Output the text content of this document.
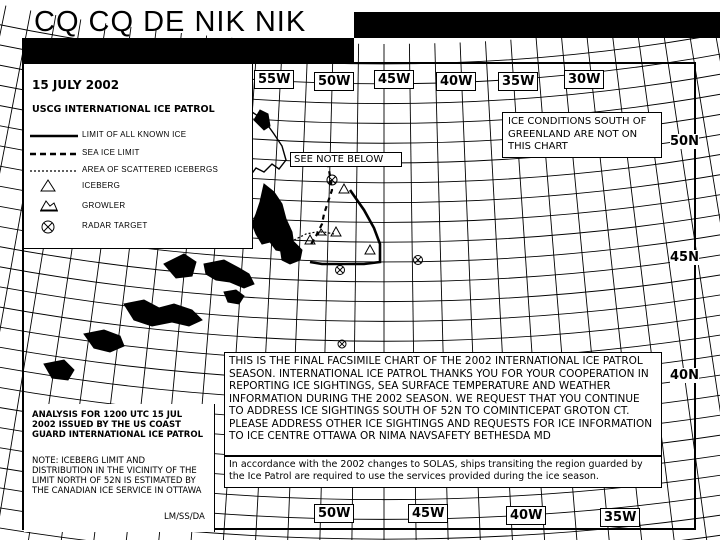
CQ CQ DE NIK NIK
55W	50W	45W	40W	35W	30W
50N
45N
40N
50W	45W	40W	35W
15 JULY 2002
USCG INTERNATIONAL ICE PATROL
LIMIT OF ALL KNOWN ICE
SEA ICE LIMIT
AREA OF SCATTERED ICEBERGS
ICEBERG
GROWLER
RADAR TARGET
ICE CONDITIONS SOUTH OF GREENLAND ARE NOT ON THIS CHART
SEE NOTE BELOW
THIS IS THE FINAL FACSIMILE CHART OF THE 2002 INTERNATIONAL ICE PATROL SEASON. INTERNATIONAL ICE PATROL THANKS YOU FOR YOUR COOPERATION IN REPORTING ICE SIGHTINGS, SEA SURFACE TEMPERATURE AND WEATHER INFORMATION DURING THE 2002 SEASON. WE REQUEST THAT YOU CONTINUE TO ADDRESS ICE SIGHTINGS SOUTH OF 52N TO COMINTICEPAT GROTON CT. PLEASE ADDRESS OTHER ICE SIGHTINGS AND REQUESTS FOR ICE INFORMATION TO ICE CENTRE OTTAWA OR NIMA NAVSAFETY BETHESDA MD
In accordance with the 2002 changes to SOLAS, ships transiting the region guarded by the Ice Patrol are required to use the services provided during the ice season.
ANALYSIS FOR 1200 UTC 15 JUL 2002 ISSUED BY THE US COAST GUARD INTERNATIONAL ICE PATROL
NOTE: ICEBERG LIMIT AND DISTRIBUTION IN THE VICINITY OF THE LIMIT NORTH OF 52N IS ESTIMATED BY THE CANADIAN ICE SERVICE IN OTTAWA
LM/SS/DA
